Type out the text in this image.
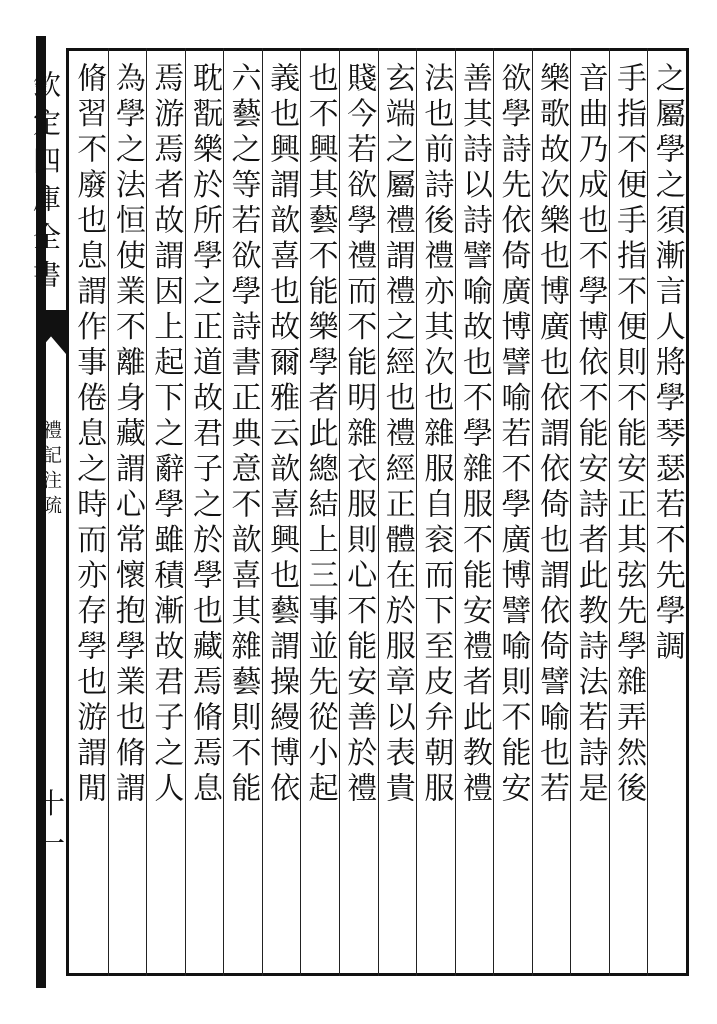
欽定四庫全書
禮記注疏
十一
之屬學之須漸言人將學琴瑟若不先學調
手指不便手指不便則不能安正其弦先學雜弄然後
音曲乃成也不學博依不能安詩者此教詩法若詩是
樂歌故次樂也博廣也依謂依倚也謂依倚譬喻也若
欲學詩先依倚廣博譬喻若不學廣博譬喻則不能安
善其詩以詩譬喻故也不學雜服不能安禮者此教禮
法也前詩後禮亦其次也雜服自衮而下至皮弁朝服
玄端之屬禮謂禮之經也禮經正體在於服章以表貴
賤今若欲學禮而不能明雜衣服則心不能安善於禮
也不興其藝不能樂學者此總結上三事並先從小起
義也興謂歆喜也故爾雅云歆喜興也藝謂操縵博依
六藝之等若欲學詩書正典意不歆喜其雜藝則不能
耽翫樂於所學之正道故君子之於學也藏焉脩焉息
焉游焉者故謂因上起下之辭學雖積漸故君子之人
為學之法恒使業不離身藏謂心常懷抱學業也脩謂
脩習不廢也息謂作事倦息之時而亦存學也游謂閒
